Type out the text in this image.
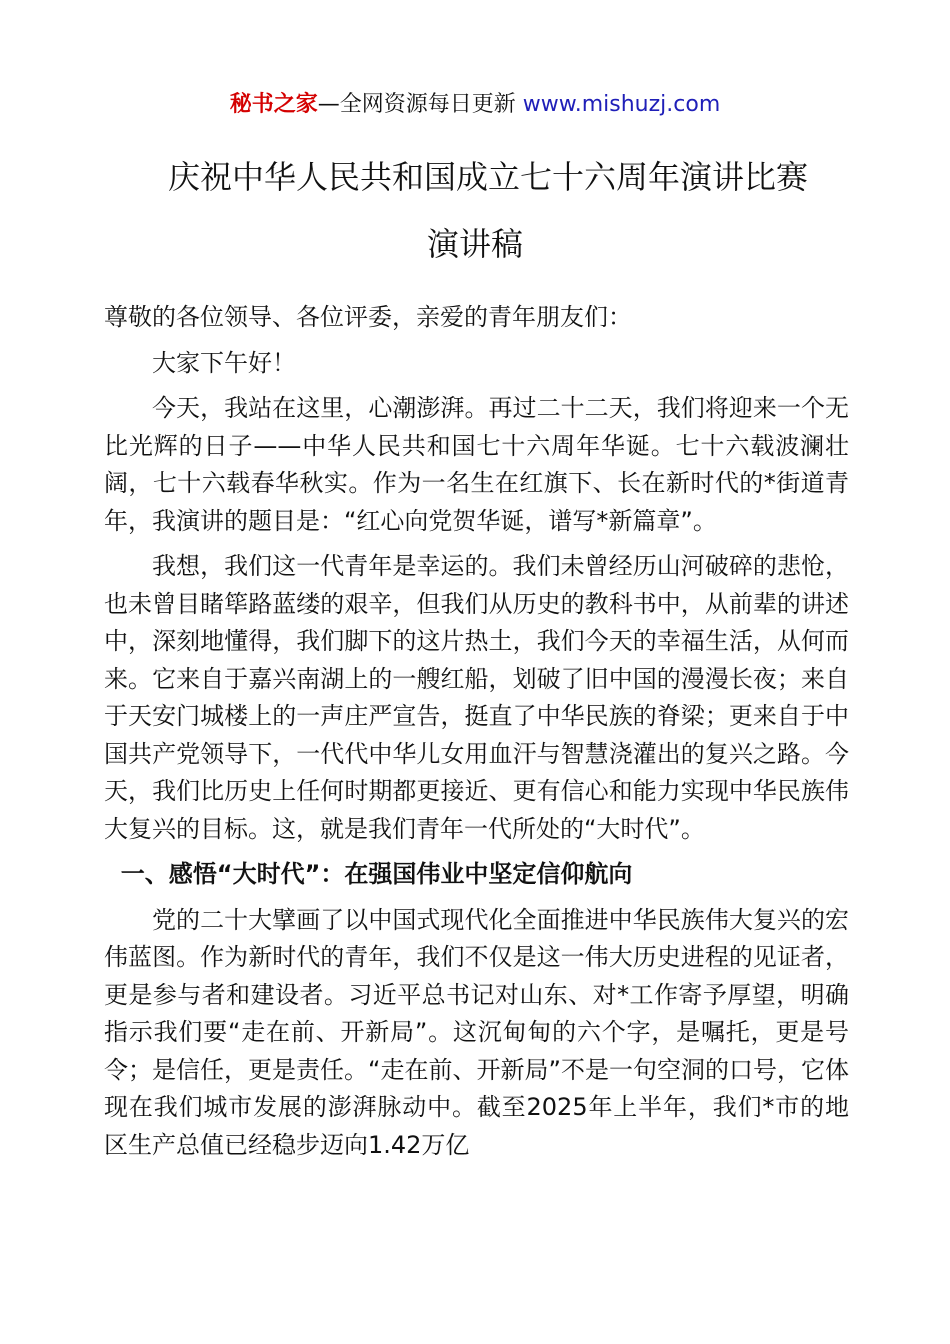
秘书之家—全网资源每日更新 www.mishuzj.com
庆祝中华人民共和国成立七十六周年演讲比赛
演讲稿

尊敬的各位领导、各位评委，亲爱的青年朋友们：

大家下午好！

今天，我站在这里，心潮澎湃。再过二十二天，我们将迎来一个无比光辉的日子——中华人民共和国七十六周年华诞。七十六载波澜壮阔，七十六载春华秋实。作为一名生在红旗下、长在新时代的*街道青年，我演讲的题目是：“红心向党贺华诞，谱写*新篇章”。

我想，我们这一代青年是幸运的。我们未曾经历山河破碎的悲怆，也未曾目睹筚路蓝缕的艰辛，但我们从历史的教科书中，从前辈的讲述中，深刻地懂得，我们脚下的这片热土，我们今天的幸福生活，从何而来。它来自于嘉兴南湖上的一艘红船，划破了旧中国的漫漫长夜；来自于天安门城楼上的一声庄严宣告，挺直了中华民族的脊梁；更来自于中国共产党领导下，一代代中华儿女用血汗与智慧浇灌出的复兴之路。今天，我们比历史上任何时期都更接近、更有信心和能力实现中华民族伟大复兴的目标。这，就是我们青年一代所处的“大时代”。

一、感悟“大时代”：在强国伟业中坚定信仰航向

党的二十大擘画了以中国式现代化全面推进中华民族伟大复兴的宏伟蓝图。作为新时代的青年，我们不仅是这一伟大历史进程的见证者，更是参与者和建设者。习近平总书记对山东、对*工作寄予厚望，明确指示我们要“走在前、开新局”。这沉甸甸的六个字，是嘱托，更是号令；是信任，更是责任。“走在前、开新局”不是一句空洞的口号，它体现在我们城市发展的澎湃脉动中。截至2025年上半年，我们*市的地区生产总值已经稳步迈向1.42万亿
